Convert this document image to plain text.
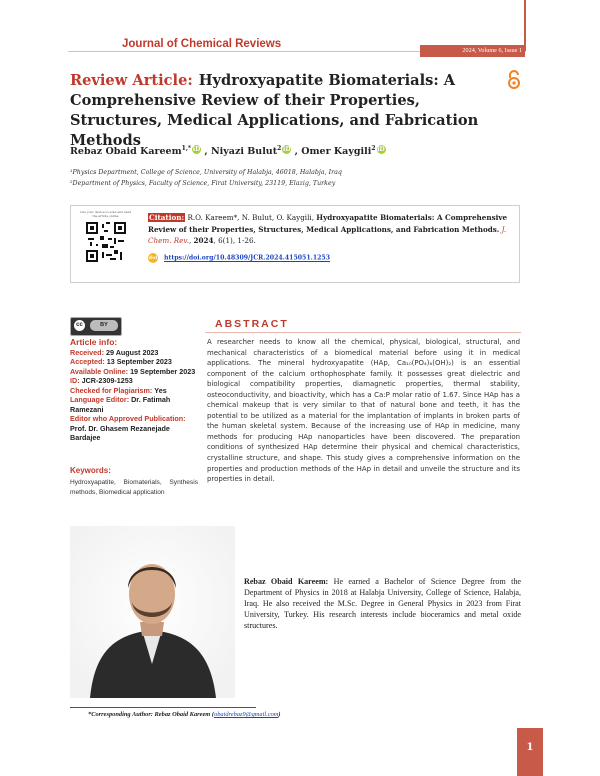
Journal of Chemical Reviews
2024, Volume 6, Issue 1
Review Article: Hydroxyapatite Biomaterials: A Comprehensive Review of their Properties, Structures, Medical Applications, and Fabrication Methods
Rebaz Obaid Kareem$^{1,*}$ iD , Niyazi Bulut$^2$ iD , Omer Kaygili$^2$ iD
¹Physics Department, College of Science, University of Halabja, 46018, Halabja, Iraq
²Department of Physics, Faculty of Science, Firat University, 23119, Elazig, Turkey
Use your device to scan and read the article online	Citation: R.O. Kareem*, N. Bulut, O. Kaygili, Hydroxyapatite Biomaterials: A Comprehensive Review of their Properties, Structures, Medical Applications, and Fabrication Methods. J. Chem. Rev., 2024, 6(1), 1-26.
doi https://doi.org/10.48309/JCR.2024.415051.1253
cc	BY
Article info:
Received: 29 August 2023
Accepted: 13 September 2023
Available Online: 19 September 2023
ID: JCR-2309-1253
Checked for Plagiarism: Yes
Language Editor: Dr. Fatimah Ramezani
Editor who Approved Publication: Prof. Dr. Ghasem Rezanejade Bardajee
Keywords:
Hydroxyapatite, Biomaterials, Synthesis methods, Biomedical application
ABSTRACT
A researcher needs to know all the chemical, physical, biological, structural, and mechanical characteristics of a biomedical material before using it in medical applications. The mineral hydroxyapatite (HAp, Ca₁₀(PO₄)₆(OH)₂) is an essential component of the calcium orthophosphate family. It possesses great dielectric and biological compatibility properties, diamagnetic properties, thermal stability, osteoconductivity, and bioactivity, which has a Ca:P molar ratio of 1.67. Since HAp has a chemical makeup that is very similar to that of natural bone and teeth, it has the potential to be utilized as a material for the implantation of implants in broken parts of the human skeletal system. Because of the increasing use of HAp in medicine, many methods for producing HAp nanoparticles have been discovered. The preparation conditions of synthesized HAp determine their physical and chemical characteristics, crystalline structure, and shape. This study gives a comprehensive information on the properties and production methods of the HAp in detail and unveile the structure and its properties in detail.
Rebaz Obaid Kareem: He earned a Bachelor of Science Degree from the Department of Physics in 2018 at Halabja University, College of Science, Halabja, Iraq. He also received the M.Sc. Degree in General Physics in 2023 from Firat University, Turkey. His research interests include bioceramics and metal oxide structures.
*Corresponding Author: Rebaz Obaid Kareem (obaidrebaz9@gmail.com)
1
